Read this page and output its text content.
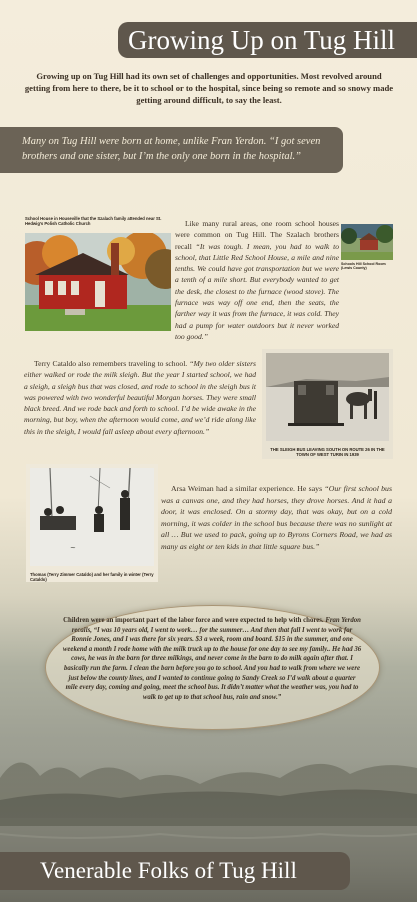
Growing Up on Tug Hill
Growing up on Tug Hill had its own set of challenges and opportunities. Most revolved around getting from here to there, be it to school or to the hospital, since being so remote and so snowy made getting around difficult, to say the least.
Many on Tug Hill were born at home, unlike Fran Yerdon. “I got seven brothers and one sister, but I’m the only one born in the hospital.”
School House in Houseville that the Szalach family attended near St. Hedwig’s Polish Catholic Church
Schools Hill School Room (Lewis County)
Like many rural areas, one room school houses were common on Tug Hill. The Szalach brothers recall “It was tough. I mean, you had to walk to school, that Little Red School House, a mile and nine tenths. We could have got transportation but we were a tenth of a mile short. But everybody wanted to get the desk, the closest to the furnace (wood stove). The furnace was way off one end, then the seats, the farther way it was from the furnace, it was cold. They had a pump for water outdoors but it never worked too good.”
Terry Cataldo also remembers traveling to school. “My two older sisters either walked or rode the milk sleigh. But the year I started school, we had a sleigh, a sleigh bus that was closed, and rode to school in the sleigh bus it was powered with two wonderful beautiful Morgan horses. They were small black breed. And we rode back and forth to school. I’d be wide awake in the morning, but boy, when the afternoon would come, and we’d ride along like this in the sleigh, I would fall asleep about every afternoon.”
THE SLEIGH BUS LEAVING SOUTH ON ROUTE 26 IN THE TOWN OF WEST TURIN IN 1939
~
Thomas (Terry Zimmer Cataldo) and her family in winter (Terry Cataldo)
Arsa Weiman had a similar experience. He says “Our first school bus was a canvas one, and they had horses, they drove horses. And it had a door, it was enclosed. On a stormy day, that was okay, but on a cold morning, it was colder in the school bus because there was no sunlight at all … But we used to pack, going up to Byrons Corners Road, we had as many as eight or ten kids in that little square bus.”
Children were an important part of the labor force and were expected to help with chores. Fran Yerdon recalls, “I was 10 years old, I went to work… for the summer… And then that fall I went to work for Ronnie Jones, and I was there for six years. $3 a week, room and board. $15 in the summer, and one weekend a month I rode home with the milk truck up to the house for one day to see my family.. He had 36 cows, he was in the barn for three milkings, and never come in the barn to do milk again after that. I basically run the farm. I clean the barn before you go to school. And you had to walk from where we were just below the county lines, and I wanted to continue going to Sandy Creek so I’d walk about a quarter mile every day, coming and going, meet the school bus. It didn’t matter what the weather was, you had to walk to get up to that school bus, rain and snow.”
Venerable Folks of Tug Hill
